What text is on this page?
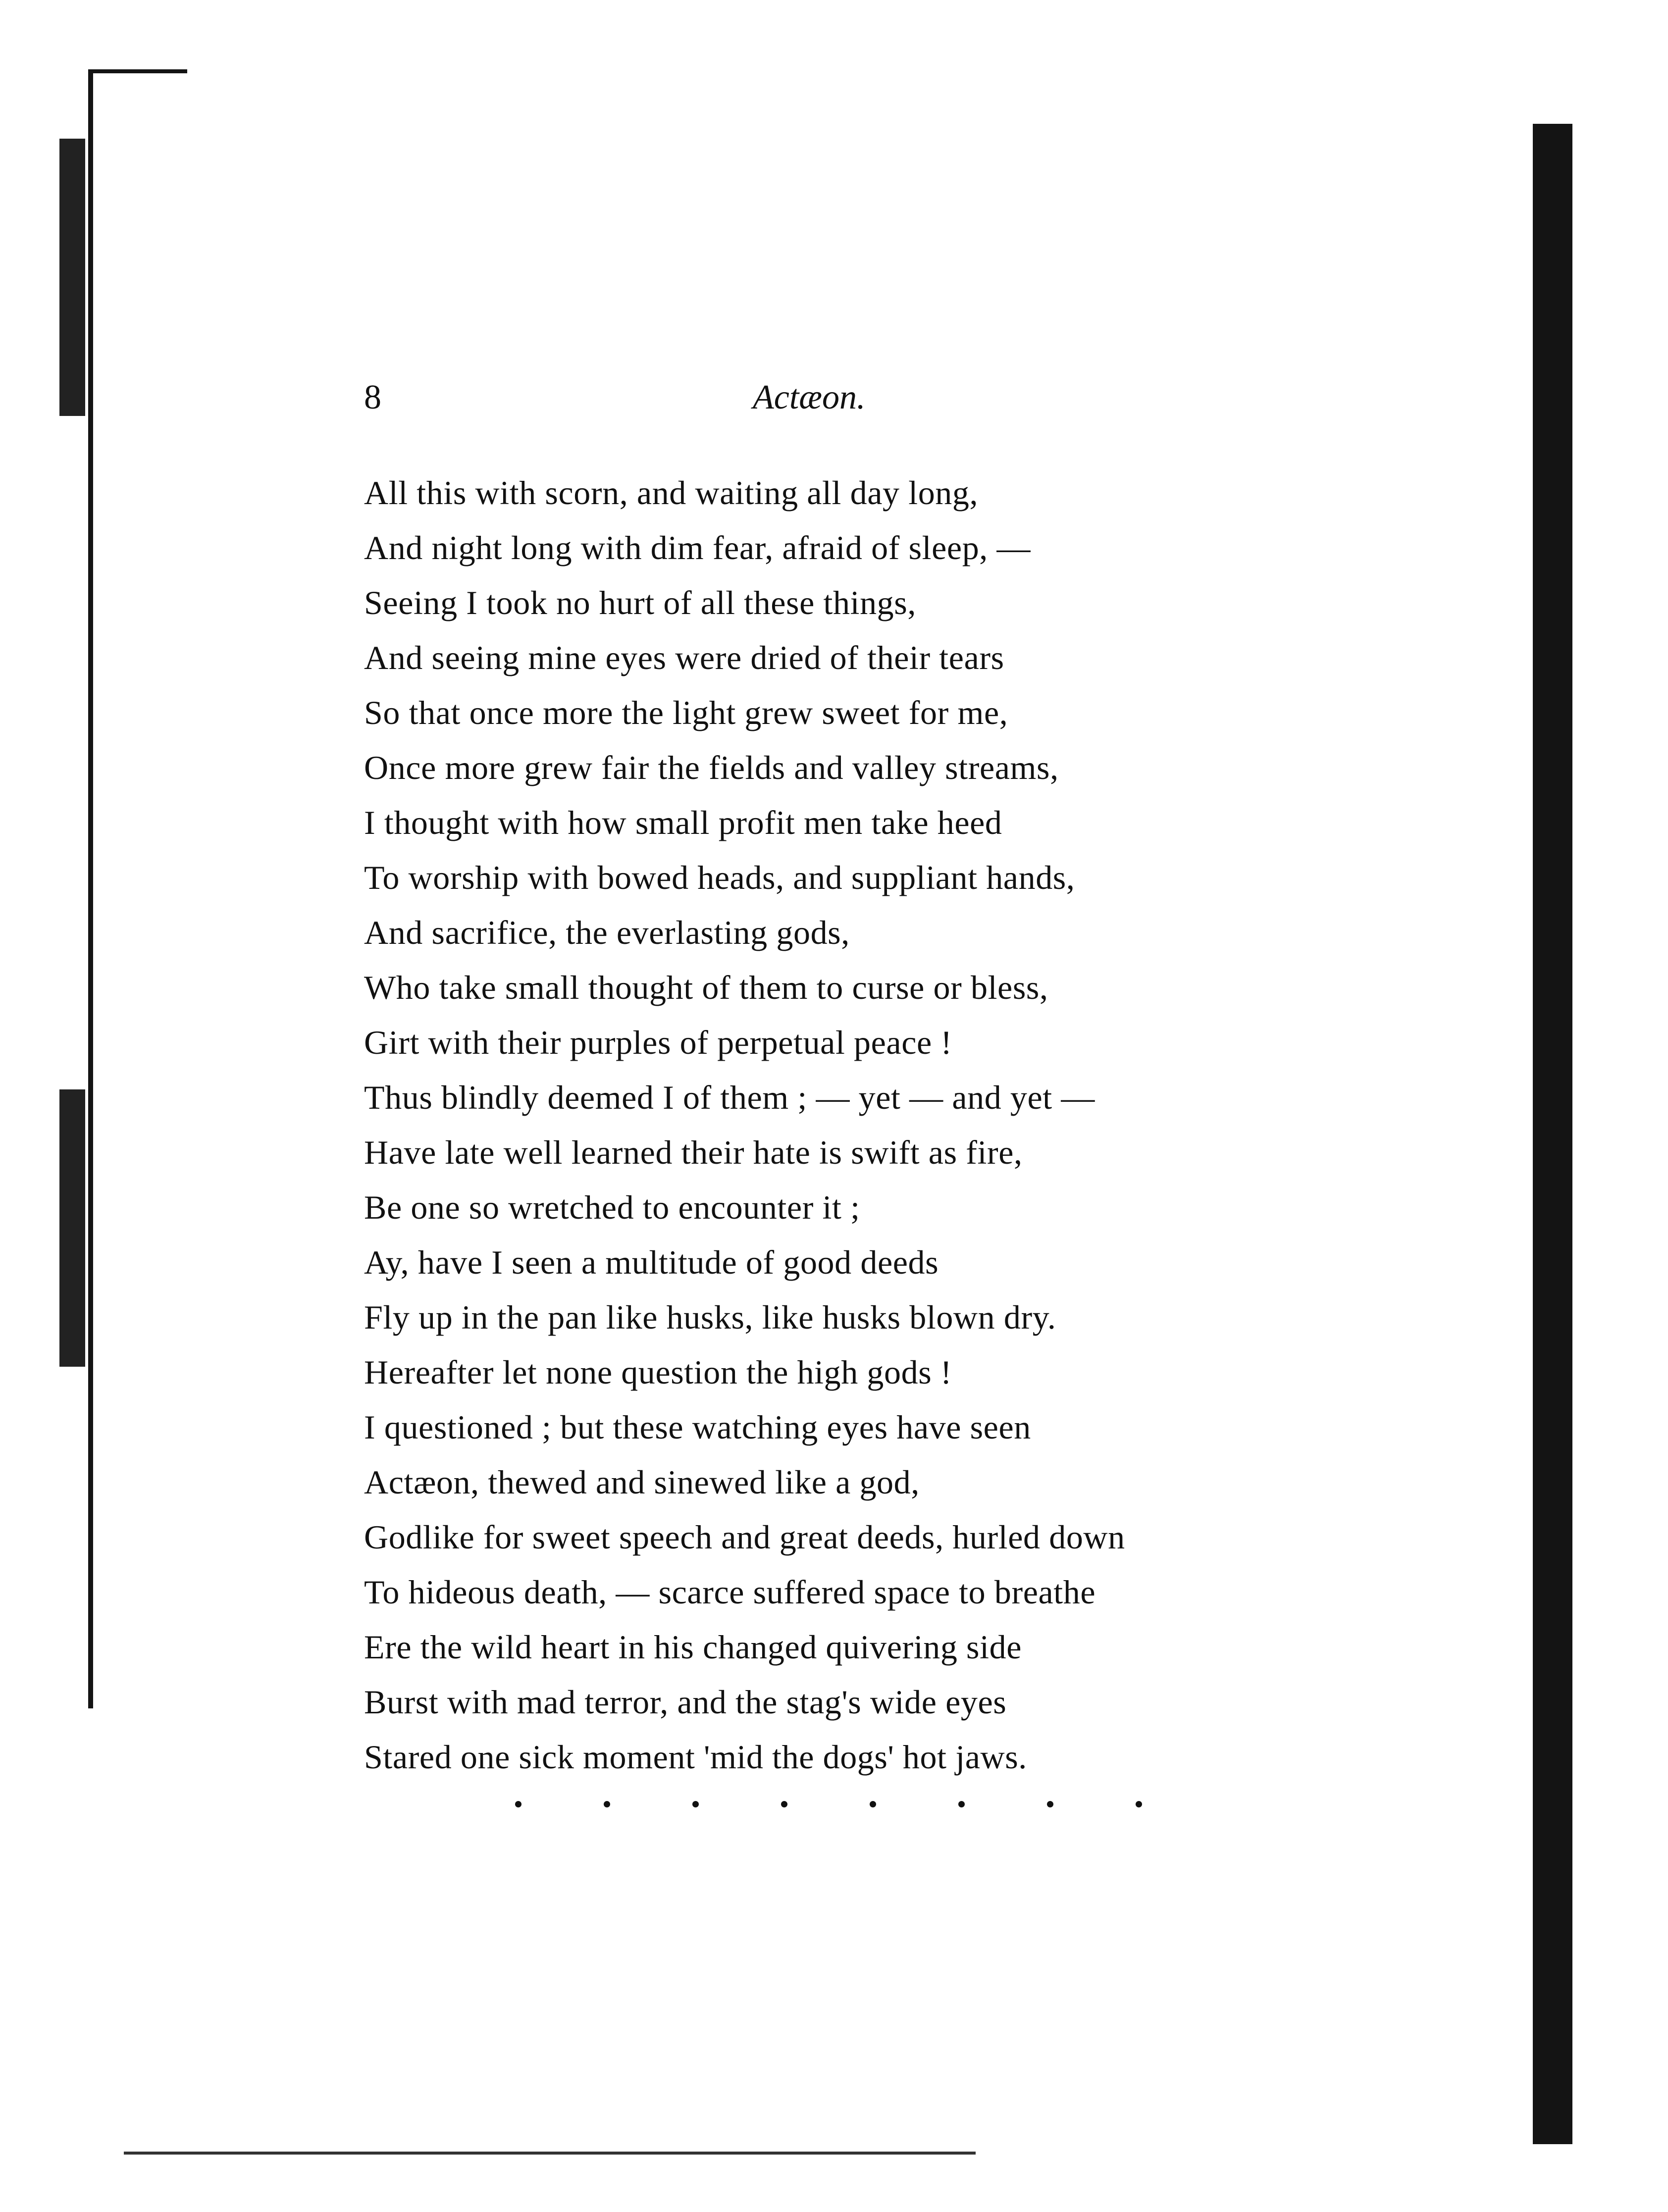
8	Actæon.
All this with scorn, and waiting all day long,
And night long with dim fear, afraid of sleep, —
Seeing I took no hurt of all these things,
And seeing mine eyes were dried of their tears
So that once more the light grew sweet for me,
Once more grew fair the fields and valley streams,
I thought with how small profit men take heed
To worship with bowed heads, and suppliant hands,
And sacrifice, the everlasting gods,
Who take small thought of them to curse or bless,
Girt with their purples of perpetual peace !
Thus blindly deemed I of them ; — yet — and yet —
Have late well learned their hate is swift as fire,
Be one so wretched to encounter it ;
Ay, have I seen a multitude of good deeds
Fly up in the pan like husks, like husks blown dry.
Hereafter let none question the high gods !
I questioned ; but these watching eyes have seen
Actæon, thewed and sinewed like a god,
Godlike for sweet speech and great deeds, hurled down
To hideous death, — scarce suffered space to breathe
Ere the wild heart in his changed quivering side
Burst with mad terror, and the stag's wide eyes
Stared one sick moment 'mid the dogs' hot jaws.
